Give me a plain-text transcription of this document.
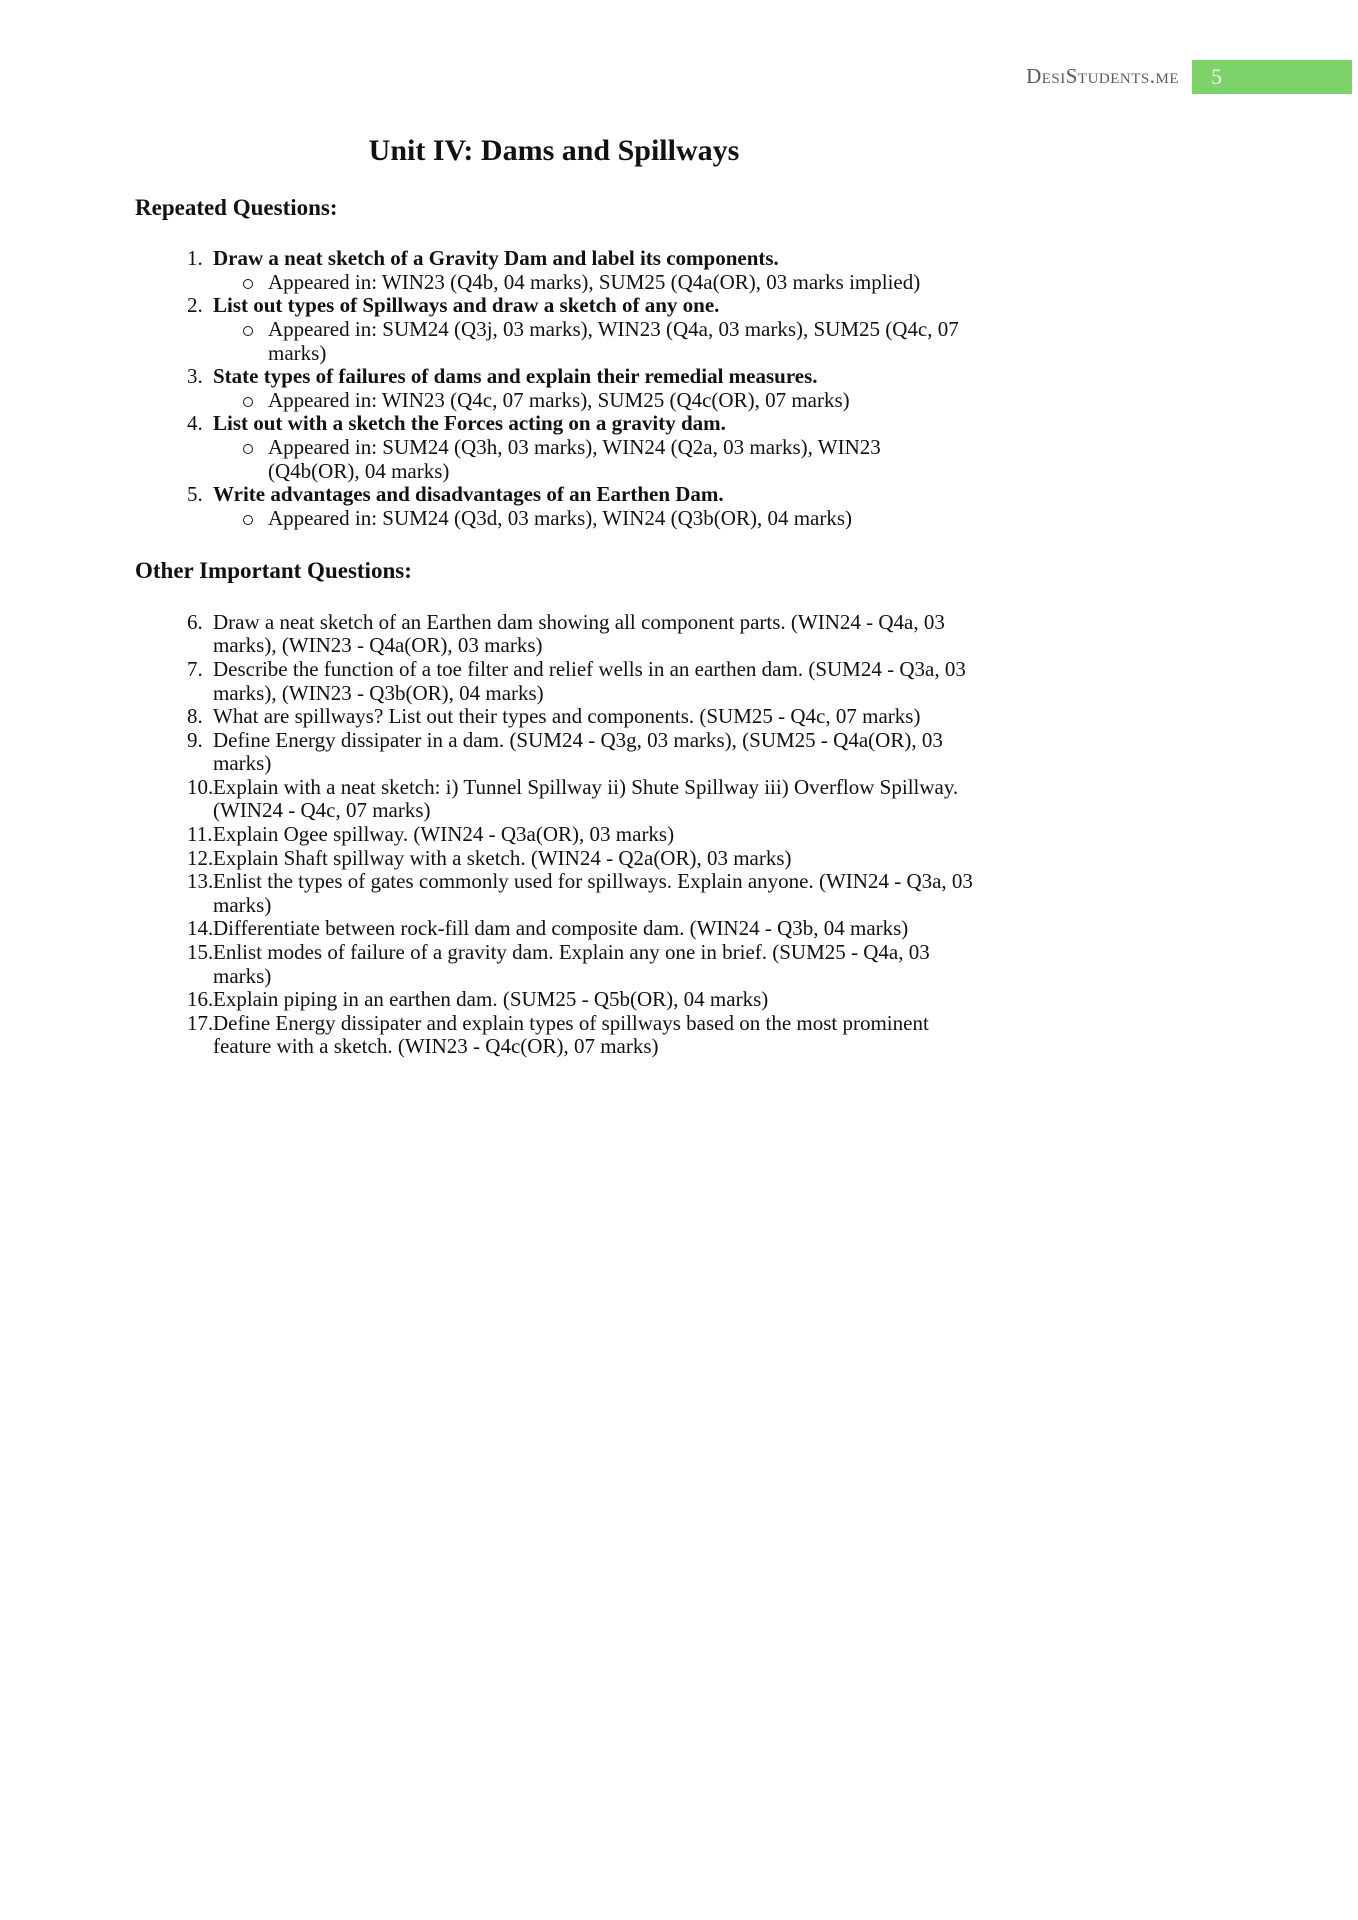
DesiStudents.me	5
Unit IV: Dams and Spillways
Repeated Questions:
1. Draw a neat sketch of a Gravity Dam and label its components.
Appeared in: WIN23 (Q4b, 04 marks), SUM25 (Q4a(OR), 03 marks implied)
2. List out types of Spillways and draw a sketch of any one.
Appeared in: SUM24 (Q3j, 03 marks), WIN23 (Q4a, 03 marks), SUM25 (Q4c, 07 marks)
3. State types of failures of dams and explain their remedial measures.
Appeared in: WIN23 (Q4c, 07 marks), SUM25 (Q4c(OR), 07 marks)
4. List out with a sketch the Forces acting on a gravity dam.
Appeared in: SUM24 (Q3h, 03 marks), WIN24 (Q2a, 03 marks), WIN23 (Q4b(OR), 04 marks)
5. Write advantages and disadvantages of an Earthen Dam.
Appeared in: SUM24 (Q3d, 03 marks), WIN24 (Q3b(OR), 04 marks)
Other Important Questions:
6. Draw a neat sketch of an Earthen dam showing all component parts. (WIN24 - Q4a, 03 marks), (WIN23 - Q4a(OR), 03 marks)
7. Describe the function of a toe filter and relief wells in an earthen dam. (SUM24 - Q3a, 03 marks), (WIN23 - Q3b(OR), 04 marks)
8. What are spillways? List out their types and components. (SUM25 - Q4c, 07 marks)
9. Define Energy dissipater in a dam. (SUM24 - Q3g, 03 marks), (SUM25 - Q4a(OR), 03 marks)
10. Explain with a neat sketch: i) Tunnel Spillway ii) Shute Spillway iii) Overflow Spillway. (WIN24 - Q4c, 07 marks)
11. Explain Ogee spillway. (WIN24 - Q3a(OR), 03 marks)
12. Explain Shaft spillway with a sketch. (WIN24 - Q2a(OR), 03 marks)
13. Enlist the types of gates commonly used for spillways. Explain anyone. (WIN24 - Q3a, 03 marks)
14. Differentiate between rock-fill dam and composite dam. (WIN24 - Q3b, 04 marks)
15. Enlist modes of failure of a gravity dam. Explain any one in brief. (SUM25 - Q4a, 03 marks)
16. Explain piping in an earthen dam. (SUM25 - Q5b(OR), 04 marks)
17. Define Energy dissipater and explain types of spillways based on the most prominent feature with a sketch. (WIN23 - Q4c(OR), 07 marks)
